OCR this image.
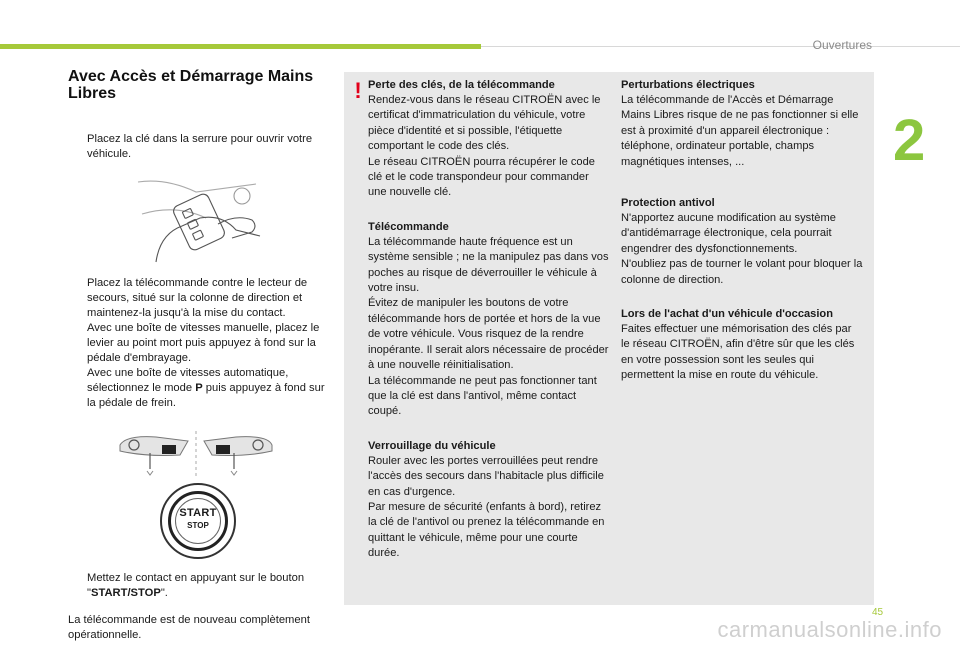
Ouvertures
2
Avec Accès et Démarrage Mains Libres
Placez la clé dans la serrure pour ouvrir votre véhicule.
Placez la télécommande contre le lecteur de secours, situé sur la colonne de direction et maintenez-la jusqu'à la mise du contact.
Avec une boîte de vitesses manuelle, placez le levier au point mort puis appuyez à fond sur la pédale d'embrayage.
Avec une boîte de vitesses automatique, sélectionnez le mode P puis appuyez à fond sur la pédale de frein.
START
STOP
Mettez le contact en appuyant sur le bouton "START/STOP".
La télécommande est de nouveau complètement opérationnelle.
! Perte des clés, de la télécommande

Rendez-vous dans le réseau CITROËN avec le certificat d'immatriculation du véhicule, votre pièce d'identité et si possible, l'étiquette comportant le code des clés.
Le réseau CITROËN pourra récupérer le code clé et le code transpondeur pour commander une nouvelle clé.

Télécommande

La télécommande haute fréquence est un système sensible ; ne la manipulez pas dans vos poches au risque de déverrouiller le véhicule à votre insu.
Évitez de manipuler les boutons de votre télécommande hors de portée et hors de la vue de votre véhicule. Vous risquez de la rendre inopérante. Il serait alors nécessaire de procéder à une nouvelle réinitialisation.
La télécommande ne peut pas fonctionner tant que la clé est dans l'antivol, même contact coupé.

Verrouillage du véhicule

Rouler avec les portes verrouillées peut rendre l'accès des secours dans l'habitacle plus difficile en cas d'urgence.
Par mesure de sécurité (enfants à bord), retirez la clé de l'antivol ou prenez la télécommande en quittant le véhicule, même pour une courte durée.

Perturbations électriques

La télécommande de l'Accès et Démarrage Mains Libres risque de ne pas fonctionner si elle est à proximité d'un appareil électronique : téléphone, ordinateur portable, champs magnétiques intenses, ...

Protection antivol

N'apportez aucune modification au système d'antidémarrage électronique, cela pourrait engendrer des dysfonctionnements.
N'oubliez pas de tourner le volant pour bloquer la colonne de direction.

Lors de l'achat d'un véhicule d'occasion

Faites effectuer une mémorisation des clés par le réseau CITROËN, afin d'être sûr que les clés en votre possession sont les seules qui permettent la mise en route du véhicule.

45
carmanualsonline.info
